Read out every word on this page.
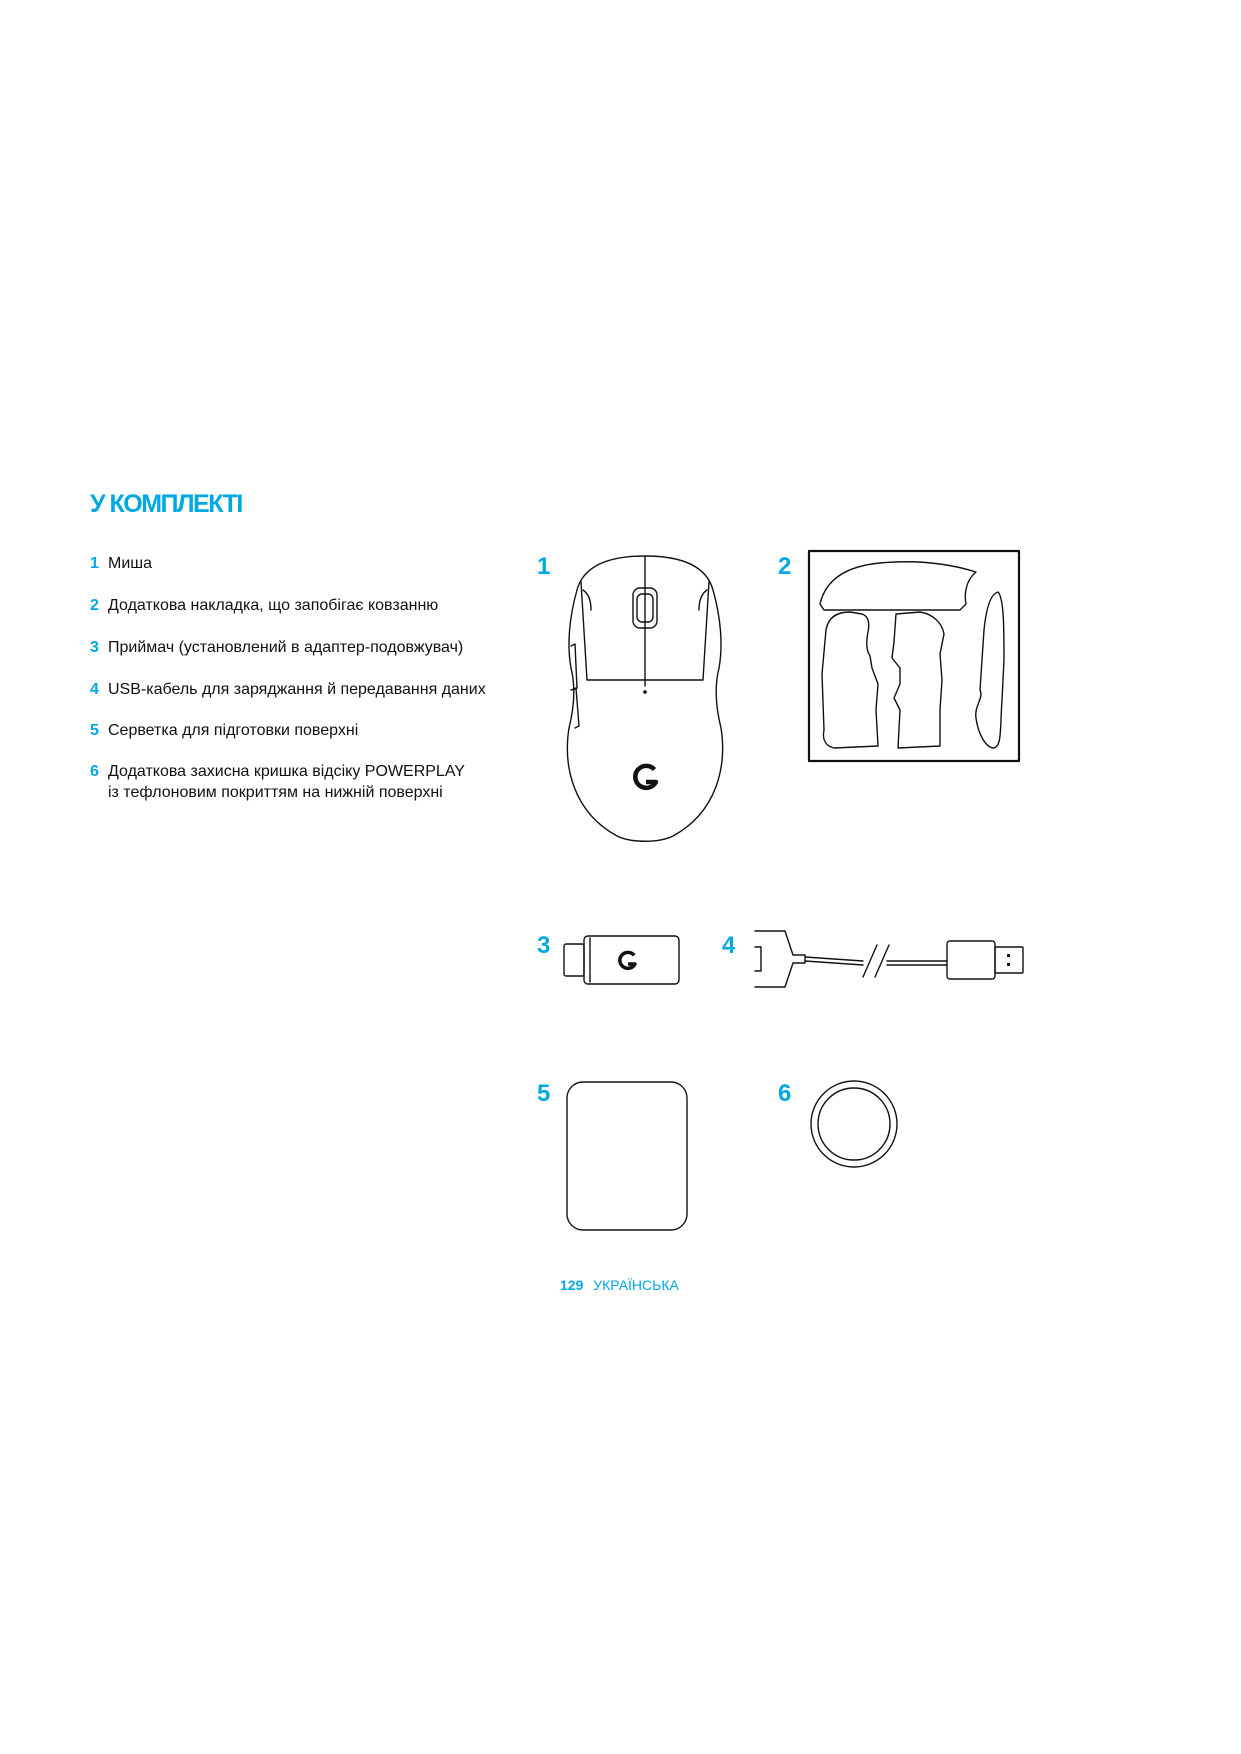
У КОМПЛЕКТІ
1 Миша
2 Додаткова накладка, що запобігає ковзанню
3 Приймач (установлений в адаптер-подовжувач)
4 USB-кабель для заряджання й передавання даних
5 Серветка для підготовки поверхні
6 Додаткова захисна кришка відсіку POWERPLAY
із тефлоновим покриттям на нижній поверхні
1	2
3	4
5	6
129 УКРАЇНСЬКА
